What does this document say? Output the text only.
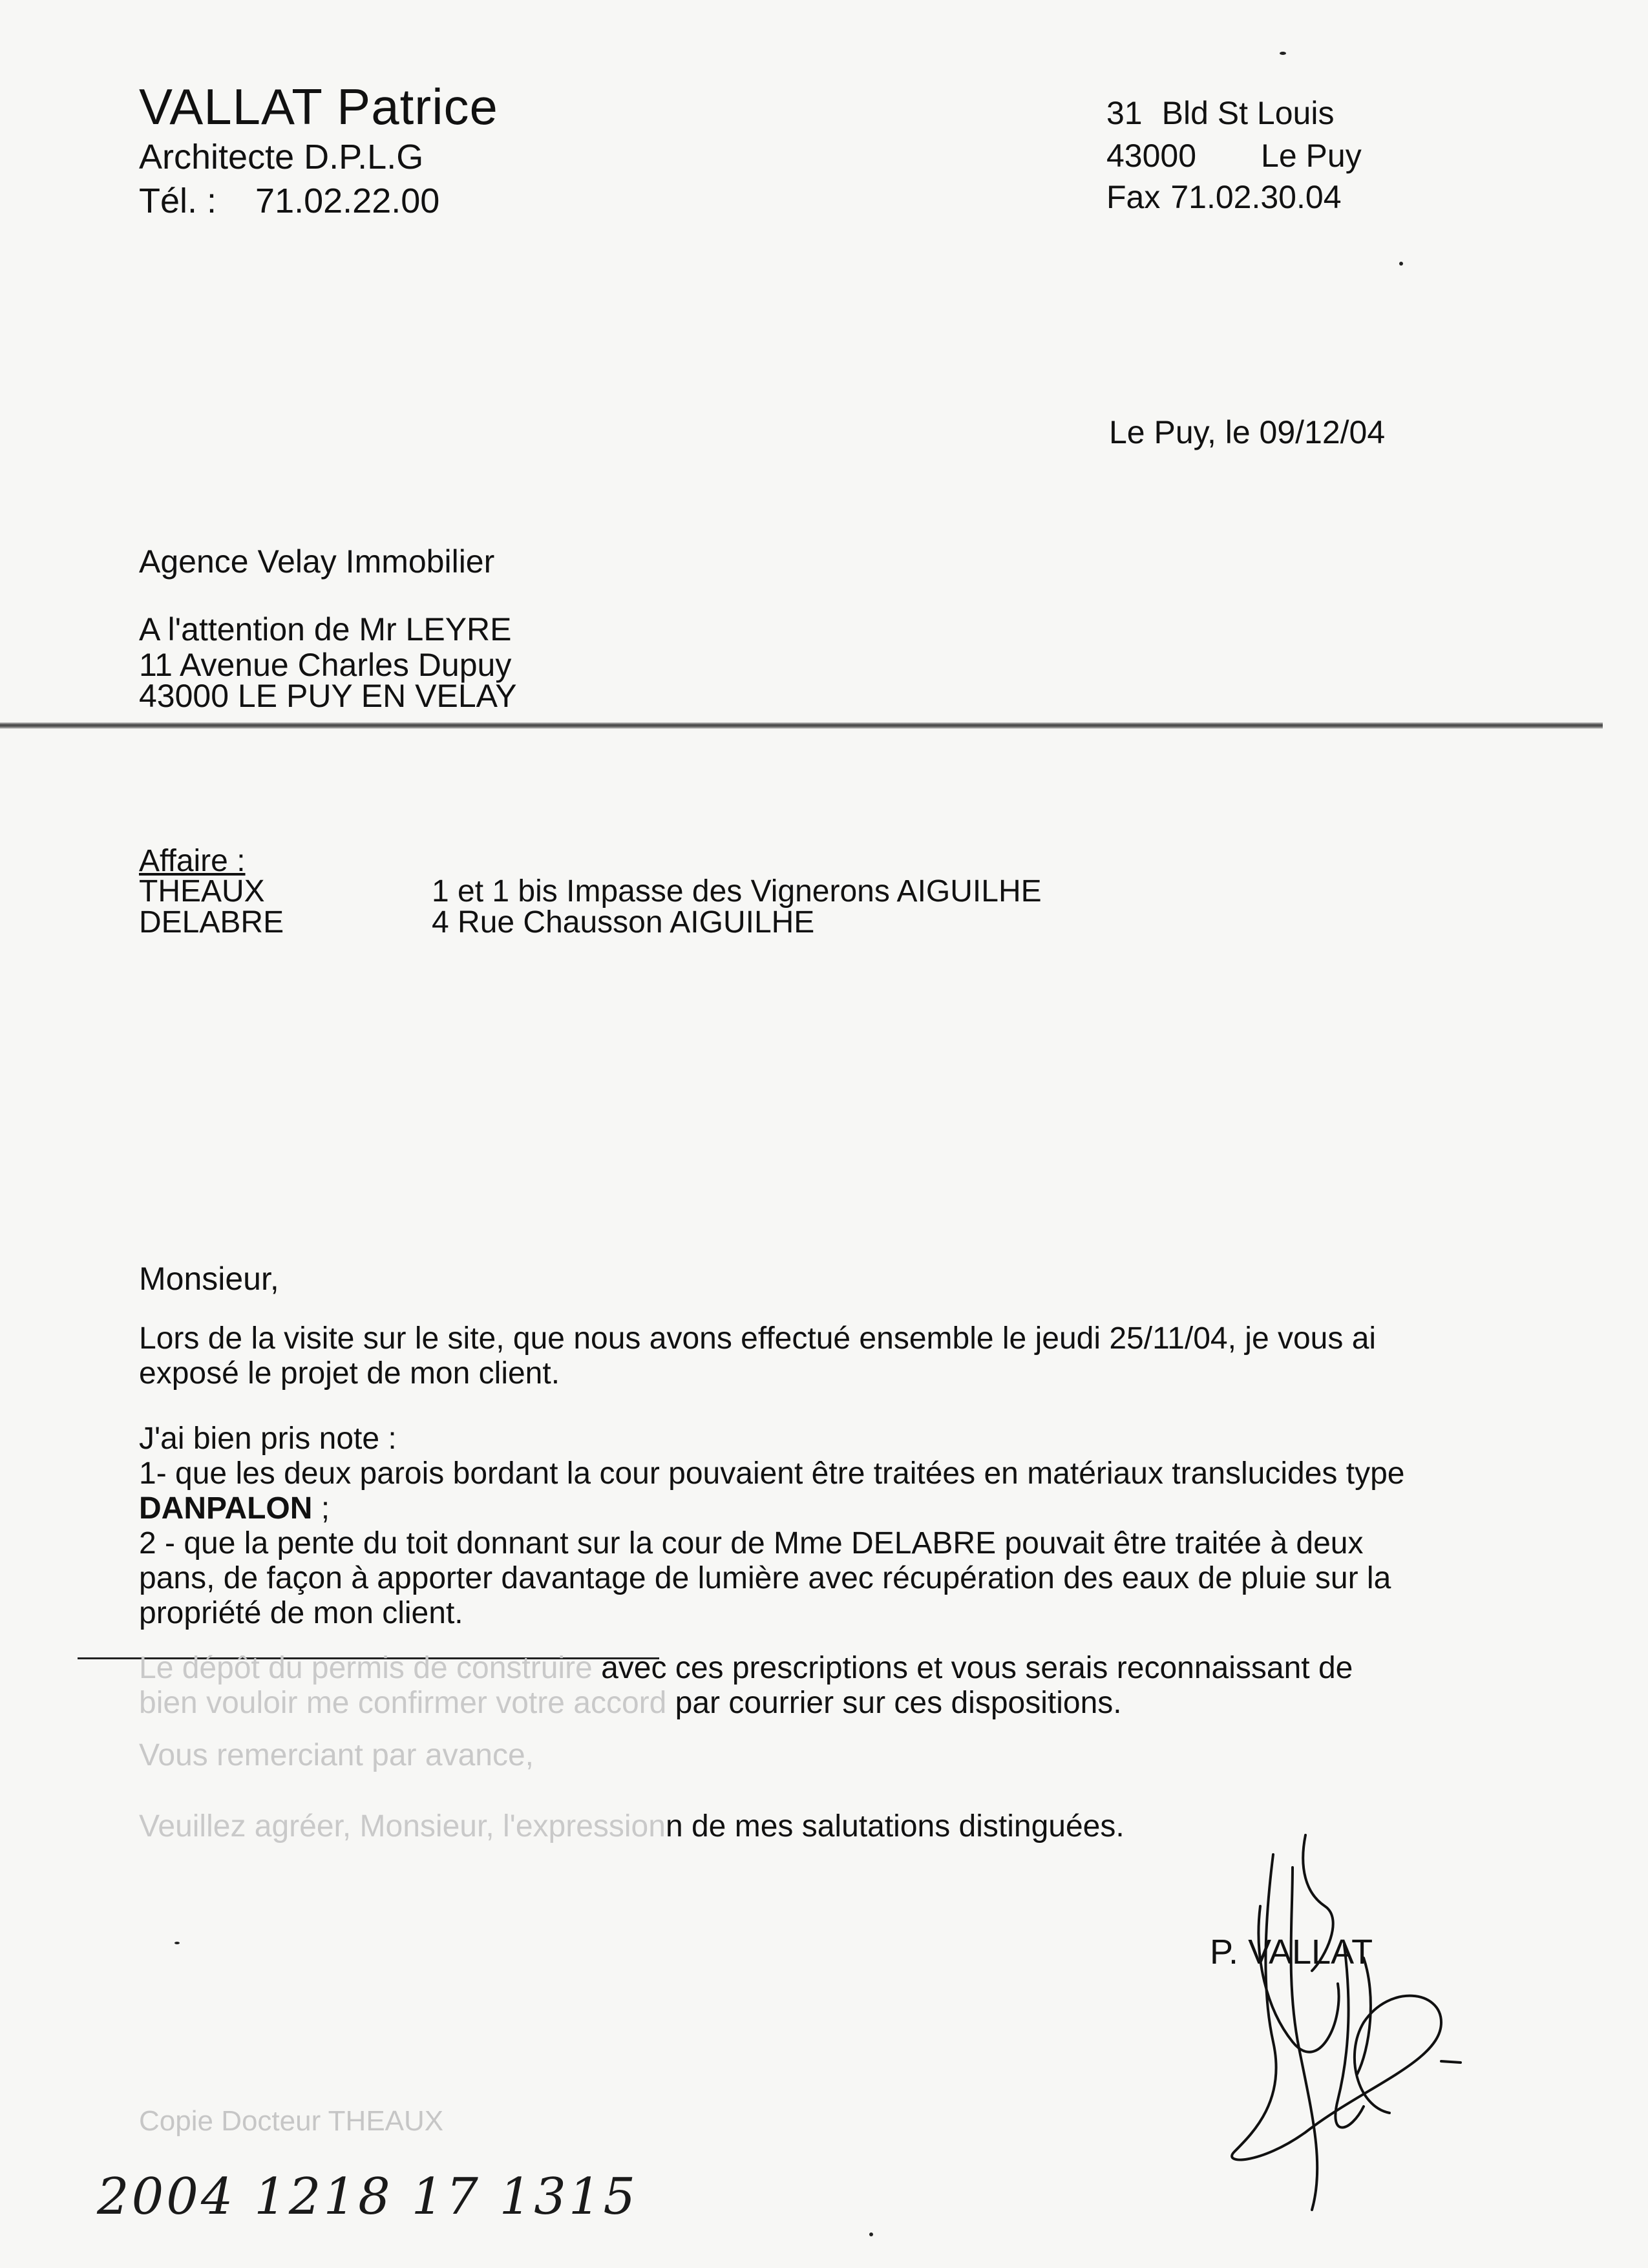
VALLAT Patrice
Architecte D.P.L.G
Tél. : 71.02.22.00
31 Bld St Louis
43000 Le Puy
Fax 71.02.30.04
Le Puy, le 09/12/04
Agence Velay Immobilier
A l'attention de Mr LEYRE
11 Avenue Charles Dupuy
43000 LE PUY EN VELAY
Affaire :
THEAUX	1 et 1 bis Impasse des Vignerons AIGUILHE
DELABRE	4 Rue Chausson AIGUILHE
Monsieur,
Lors de la visite sur le site, que nous avons effectué ensemble le jeudi 25/11/04, je vous ai exposé le projet de mon client.
J'ai bien pris note :
1- que les deux parois bordant la cour pouvaient être traitées en matériaux translucides type
DANPALON ;
2 - que la pente du toit donnant sur la cour de Mme DELABRE pouvait être traitée à deux pans, de façon à apporter davantage de lumière avec récupération des eaux de pluie sur la propriété de mon client.
Le dépôt du permis de construire avec ces prescriptions et vous serais reconnaissant de
bien vouloir me confirmer votre accord par courrier sur ces dispositions.
Vous remerciant par avance,
Veuillez agréer, Monsieur, l'expressionn de mes salutations distinguées.
P. VALLAT
Copie Docteur THEAUX
2004 1218 17 1315
